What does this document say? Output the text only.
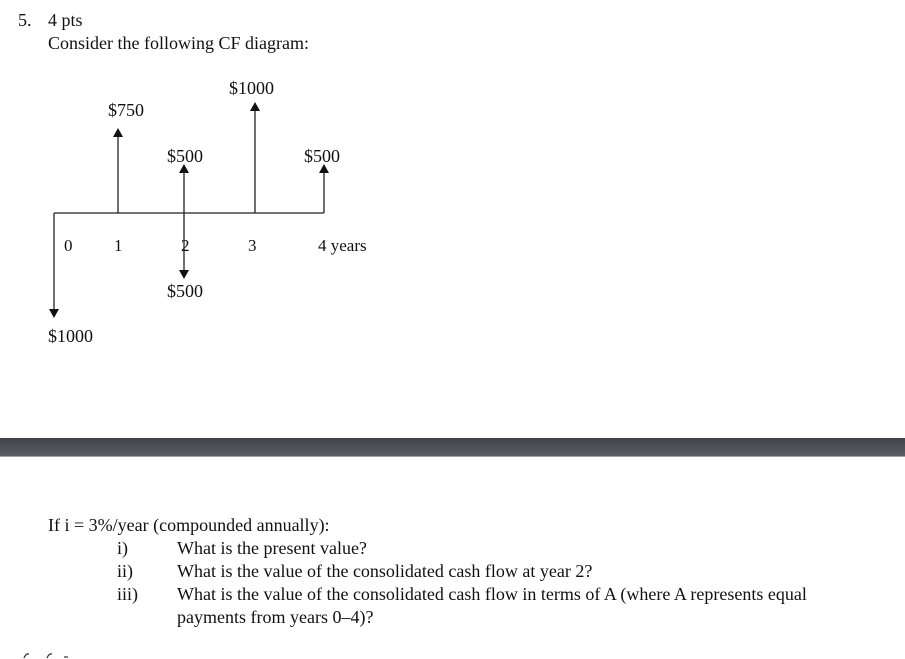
5. 4 pts
Consider the following CF diagram:
$1000
$750
$500	$500
$500
$1000
0 1	2	3	4 years
If i = 3%/year (compounded annually):
i)	What is the present value?
ii) What is the value of the consolidated cash flow at year 2?
iii) What is the value of the consolidated cash flow in terms of A (where A represents equal
payments from years 0–4)?
